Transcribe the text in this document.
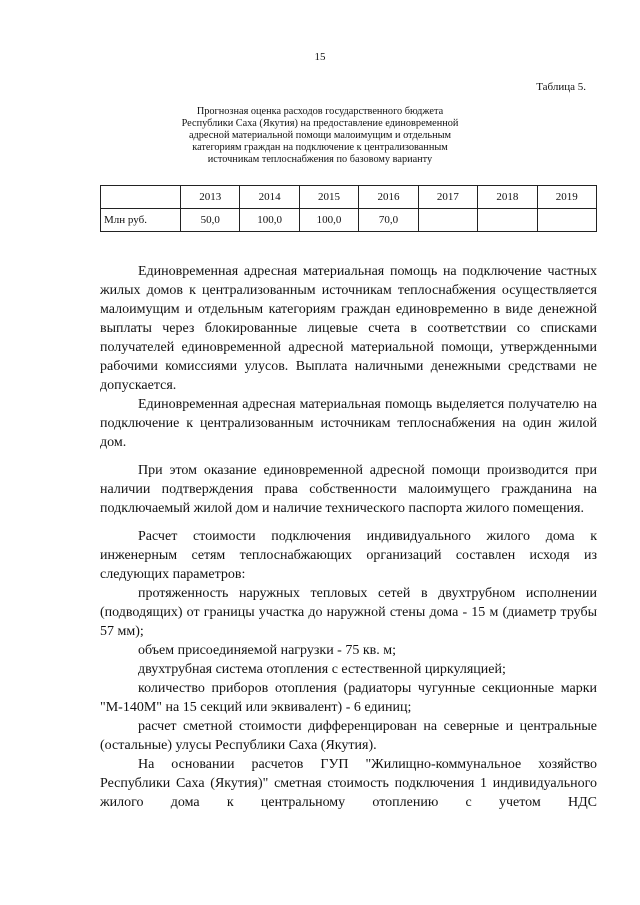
15
Таблица 5.
Прогнозная оценка расходов государственного бюджета
Республики Саха (Якутия) на предоставление единовременной
адресной материальной помощи малоимущим и отдельным
категориям граждан на подключение к централизованным
источникам теплоснабжения по базовому варианту
	2013	2014	2015	2016	2017	2018	2019
Млн руб.	50,0	100,0	100,0	70,0			

Единовременная адресная материальная помощь на подключение частных жилых домов к централизованным источникам теплоснабжения осуществляется малоимущим и отдельным категориям граждан единовременно в виде денежной выплаты через блокированные лицевые счета в соответствии со списками получателей единовременной адресной материальной помощи, утвержденными рабочими комиссиями улусов. Выплата наличными денежными средствами не допускается.

Единовременная адресная материальная помощь выделяется получателю на подключение к централизованным источникам теплоснабжения на один жилой дом.

При этом оказание единовременной адресной помощи производится при наличии подтверждения права собственности малоимущего гражданина на подключаемый жилой дом и наличие технического паспорта жилого помещения.

Расчет стоимости подключения индивидуального жилого дома к инженерным сетям теплоснабжающих организаций составлен исходя из следующих параметров:

протяженность наружных тепловых сетей в двухтрубном исполнении (подводящих) от границы участка до наружной стены дома - 15 м (диаметр трубы 57 мм);

объем присоединяемой нагрузки - 75 кв. м;

двухтрубная система отопления с естественной циркуляцией;

количество приборов отопления (радиаторы чугунные секционные марки "М-140М" на 15 секций или эквивалент) - 6 единиц;

расчет сметной стоимости дифференцирован на северные и центральные (остальные) улусы Республики Саха (Якутия).

На основании расчетов ГУП "Жилищно-коммунальное хозяйство Республики Саха (Якутия)" сметная стоимость подключения 1 индивидуального жилого дома к центральному отоплению с учетом НДС
